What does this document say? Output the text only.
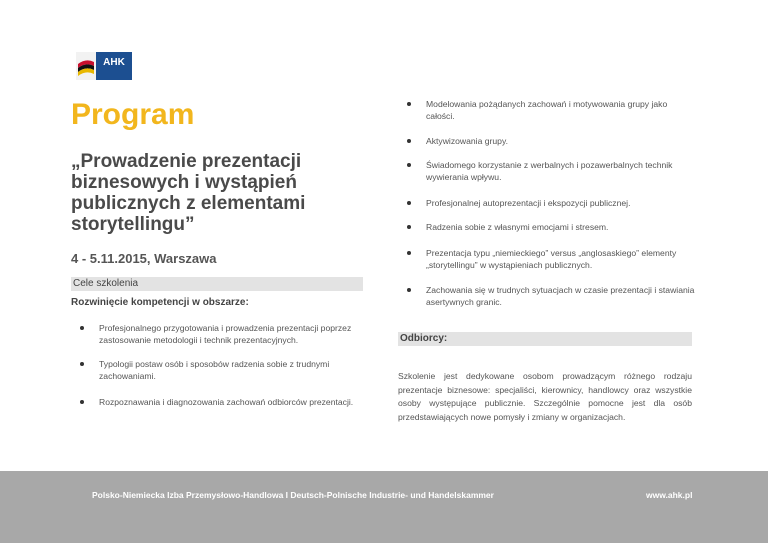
AHK
Program
„Prowadzenie prezentacji biznesowych i wystąpień publicznych z elementami storytellingu”
4 - 5.11.2015, Warszawa
Cele szkolenia
Rozwinięcie kompetencji w obszarze:
Profesjonalnego przygotowania i prowadzenia prezentacji poprzez zastosowanie metodologii i technik prezentacyjnych.
Typologii postaw osób i sposobów radzenia sobie z trudnymi zachowaniami.
Rozpoznawania i diagnozowania zachowań odbiorców prezentacji.
Modelowania pożądanych zachowań i motywowania grupy jako całości.
Aktywizowania grupy.
Świadomego korzystanie z werbalnych i pozawerbalnych technik wywierania wpływu.
Profesjonalnej autoprezentacji i ekspozycji publicznej.
Radzenia sobie z własnymi emocjami i stresem.
Prezentacja typu „niemieckiego” versus „anglosaskiego” elementy „storytellingu” w wystąpieniach publicznych.
Zachowania się w trudnych sytuacjach w czasie prezentacji i stawiania asertywnych granic.
Odbiorcy:
Szkolenie jest dedykowane osobom prowadzącym różnego rodzaju prezentacje biznesowe: specjaliści, kierownicy, handlowcy oraz wszystkie osoby występujące publicznie. Szczególnie pomocne jest dla osób przedstawiających nowe pomysły i zmiany w organizacjach.
Polsko-Niemiecka Izba Przemysłowo-Handlowa I Deutsch-Polnische Industrie- und Handelskammer	www.ahk.pl
